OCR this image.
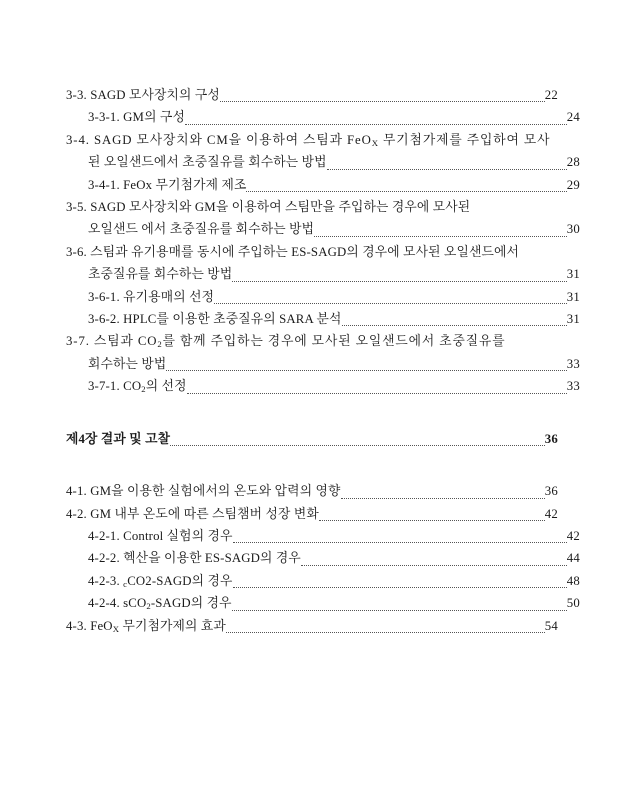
3-3. SAGD 모사장치의 구성	22
3-3-1. GM의 구성	24
3-4. SAGD 모사장치와 CM을 이용하여 스팀과 FeO$_X$ 무기첨가제를 주입하여 모사
된 오일샌드에서 초중질유를 회수하는 방법	28
3-4-1. FeOx 무기첨가제 제조	29
3-5. SAGD 모사장치와 GM을 이용하여 스팀만을 주입하는 경우에 모사된
오일샌드 에서 초중질유를 회수하는 방법	30
3-6. 스팀과 유기용매를 동시에 주입하는 ES-SAGD의 경우에 모사된 오일샌드에서
초중질유를 회수하는 방법	31
3-6-1. 유기용매의 선정	31
3-6-2. HPLC를 이용한 초중질유의 SARA 분석	31
3-7. 스팀과 $CO_2$를 함께 주입하는 경우에 모사된 오일샌드에서 초중질유를
회수하는 방법	33
3-7-1. $CO_2$의 선정	33
제4장 결과 및 고찰	36
4-1. GM을 이용한 실험에서의 온도와 압력의 영향	36
4-2. GM 내부 온도에 따른 스팀챔버 성장 변화	42
4-2-1. Control 실험의 경우	42
4-2-2. 헥산을 이용한 ES-SAGD의 경우	44
4-2-3. cCO2-SAGD의 경우	48
4-2-4. sCO$_2$-SAGD의 경우	50
4-3. FeO$_X$ 무기첨가제의 효과	54
